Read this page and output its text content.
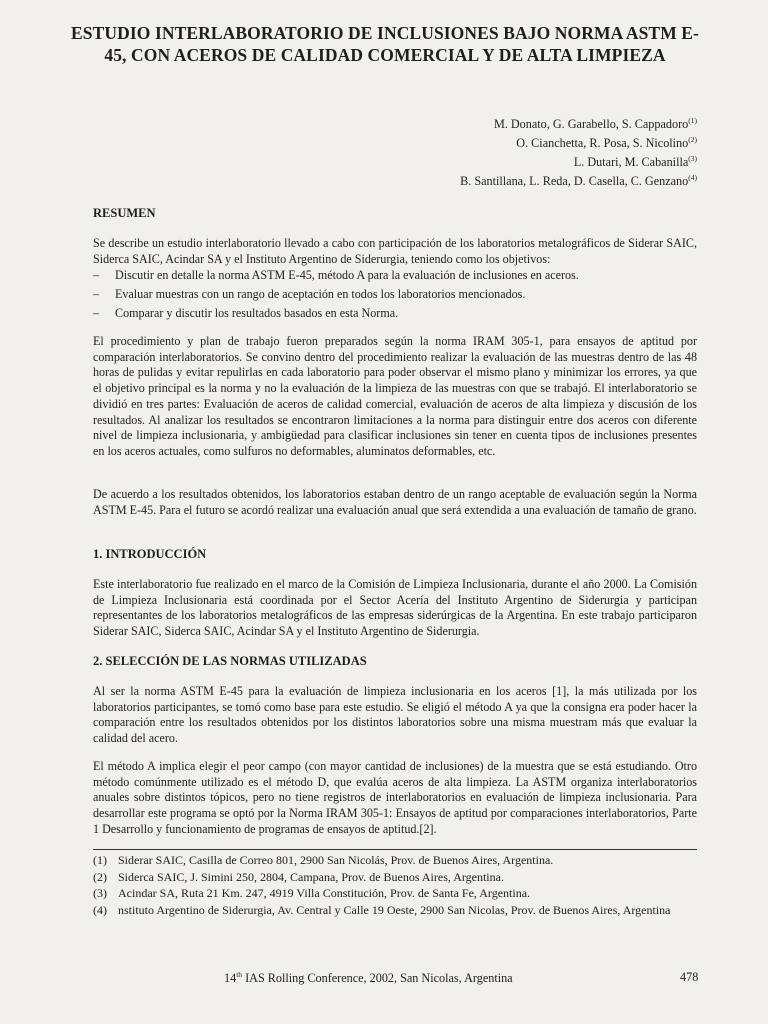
ESTUDIO INTERLABORATORIO DE INCLUSIONES BAJO NORMA ASTM E-45, CON ACEROS DE CALIDAD COMERCIAL Y DE ALTA LIMPIEZA
M. Donato, G. Garabello, S. Cappadoro$^{(1)}$
O. Cianchetta, R. Posa, S. Nicolino$^{(2)}$
L. Dutari, M. Cabanilla$^{(3)}$
B. Santillana, L. Reda, D. Casella, C. Genzano$^{(4)}$
RESUMEN

Se describe un estudio interlaboratorio llevado a cabo con participación de los laboratorios metalográficos de Siderar SAIC, Siderca SAIC, Acindar SA y el Instituto Argentino de Siderurgia, teniendo como los objetivos:

– Discutir en detalle la norma ASTM E-45, método A para la evaluación de inclusiones en aceros.
– Evaluar muestras con un rango de aceptación en todos los laboratorios mencionados.
– Comparar y discutir los resultados basados en esta Norma.

El procedimiento y plan de trabajo fueron preparados según la norma IRAM 305-1, para ensayos de aptitud por comparación interlaboratorios. Se convino dentro del procedimiento realizar la evaluación de las muestras dentro de las 48 horas de pulidas y evitar repulirlas en cada laboratorio para poder observar el mismo plano y minimizar los errores, ya que el objetivo principal es la norma y no la evaluación de la limpieza de las muestras con que se trabajó. El interlaboratorio se dividió en tres partes: Evaluación de aceros de calidad comercial, evaluación de aceros de alta limpieza y discusión de los resultados. Al analizar los resultados se encontraron limitaciones a la norma para distinguir entre dos aceros con diferente nivel de limpieza inclusionaria, y ambigüedad para clasificar inclusiones sin tener en cuenta tipos de inclusiones presentes en los aceros actuales, como sulfuros no deformables, aluminatos deformables, etc.

De acuerdo a los resultados obtenidos, los laboratorios estaban dentro de un rango aceptable de evaluación según la Norma ASTM E-45. Para el futuro se acordó realizar una evaluación anual que será extendida a una evaluación de tamaño de grano.

1. INTRODUCCIÓN

Este interlaboratorio fue realizado en el marco de la Comisión de Limpieza Inclusionaria, durante el año 2000. La Comisión de Limpieza Inclusionaria está coordinada por el Sector Acería del Instituto Argentino de Siderurgia y participan representantes de los laboratorios metalográficos de las empresas siderúrgicas de la Argentina. En este trabajo participaron Siderar SAIC, Siderca SAIC, Acindar SA y el Instituto Argentino de Siderurgia.

2. SELECCIÓN DE LAS NORMAS UTILIZADAS

Al ser la norma ASTM E-45 para la evaluación de limpieza inclusionaria en los aceros [1], la más utilizada por los laboratorios participantes, se tomó como base para este estudio. Se eligió el método A ya que la consigna era poder hacer la comparación entre los resultados obtenidos por los distintos laboratorios sobre una misma muestram más que evaluar la calidad del acero.

El método A implica elegir el peor campo (con mayor cantidad de inclusiones) de la muestra que se está estudiando. Otro método comúnmente utilizado es el método D, que evalúa aceros de alta limpieza. La ASTM organiza interlaboratorios anuales sobre distintos tópicos, pero no tiene registros de interlaboratorios en evaluación de limpieza inclusionaria. Para desarrollar este programa se optó por la Norma IRAM 305-1: Ensayos de aptitud por comparaciones interlaboratorios, Parte 1 Desarrollo y funcionamiento de programas de ensayos de aptitud.[2].

(1) Siderar SAIC, Casilla de Correo 801, 2900 San Nicolás, Prov. de Buenos Aires, Argentina.
(2) Siderca SAIC, J. Simini 250, 2804, Campana, Prov. de Buenos Aires, Argentina.
(3) Acindar SA, Ruta 21 Km. 247, 4919 Villa Constitución, Prov. de Santa Fe, Argentina.
(4) nstituto Argentino de Siderurgia, Av. Central y Calle 19 Oeste, 2900 San Nicolas, Prov. de Buenos Aires, Argentina
14th IAS Rolling Conference, 2002, San Nicolas, Argentina	478
